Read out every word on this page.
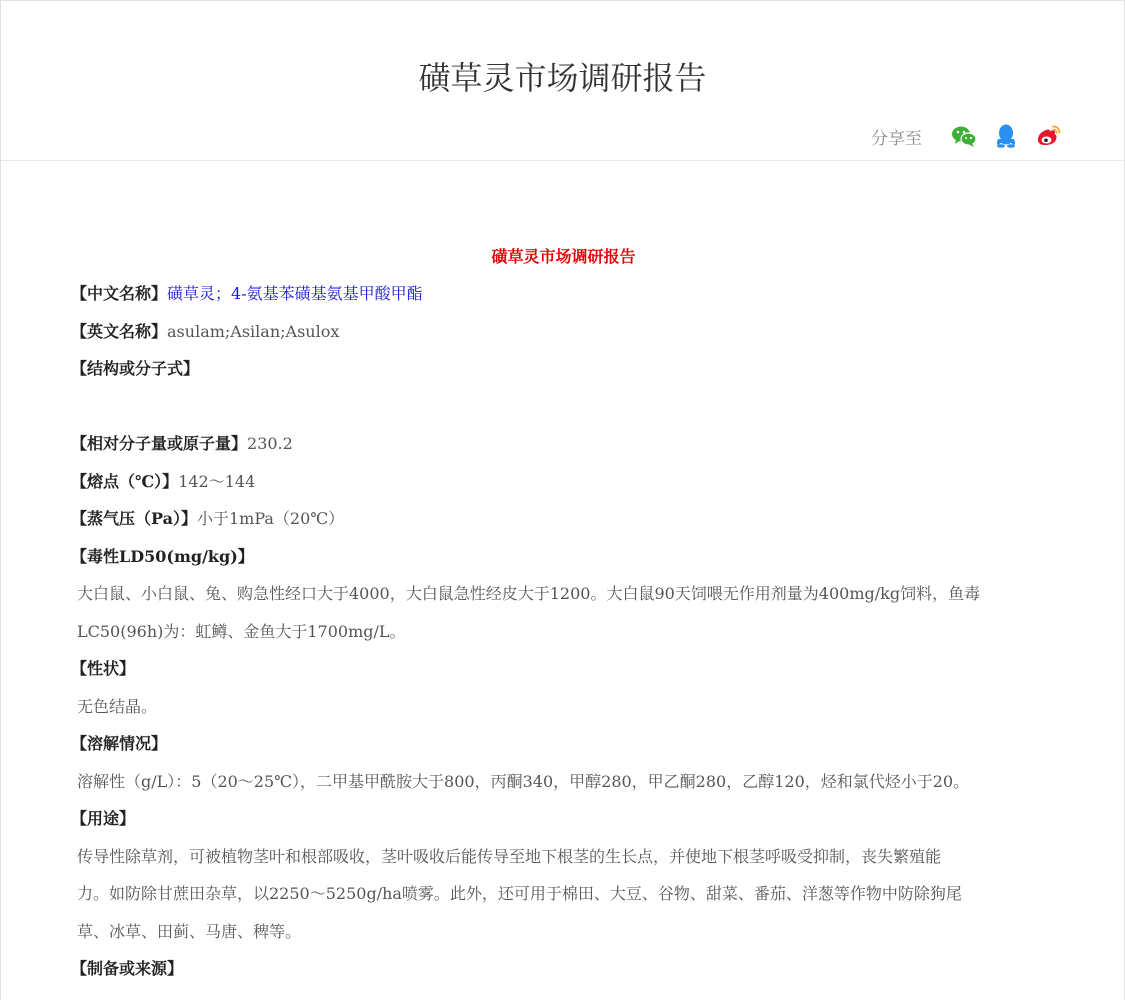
磺草灵市场调研报告
分享至
磺草灵市场调研报告
【中文名称】磺草灵；4-氨基苯磺基氨基甲酸甲酯
【英文名称】asulam;Asilan;Asulox
【结构或分子式】
【相对分子量或原子量】230.2
【熔点（℃）】142～144
【蒸气压（Pa）】小于1mPa（20℃）
【毒性LD50(mg/kg)】
大白鼠、小白鼠、兔、购急性经口大于4000，大白鼠急性经皮大于1200。大白鼠90天饲喂无作用剂量为400mg/kg饲料，鱼毒
LC50(96h)为：虹鳟、金鱼大于1700mg/L。
【性状】
无色结晶。
【溶解情况】
溶解性（g/L）：5（20～25℃），二甲基甲酰胺大于800，丙酮340，甲醇280，甲乙酮280，乙醇120，烃和氯代烃小于20。
【用途】
传导性除草剂，可被植物茎叶和根部吸收，茎叶吸收后能传导至地下根茎的生长点，并使地下根茎呼吸受抑制，丧失繁殖能
力。如防除甘蔗田杂草，以2250～5250g/ha喷雾。此外，还可用于棉田、大豆、谷物、甜菜、番茄、洋葱等作物中防除狗尾
草、冰草、田蓟、马唐、稗等。
【制备或来源】
